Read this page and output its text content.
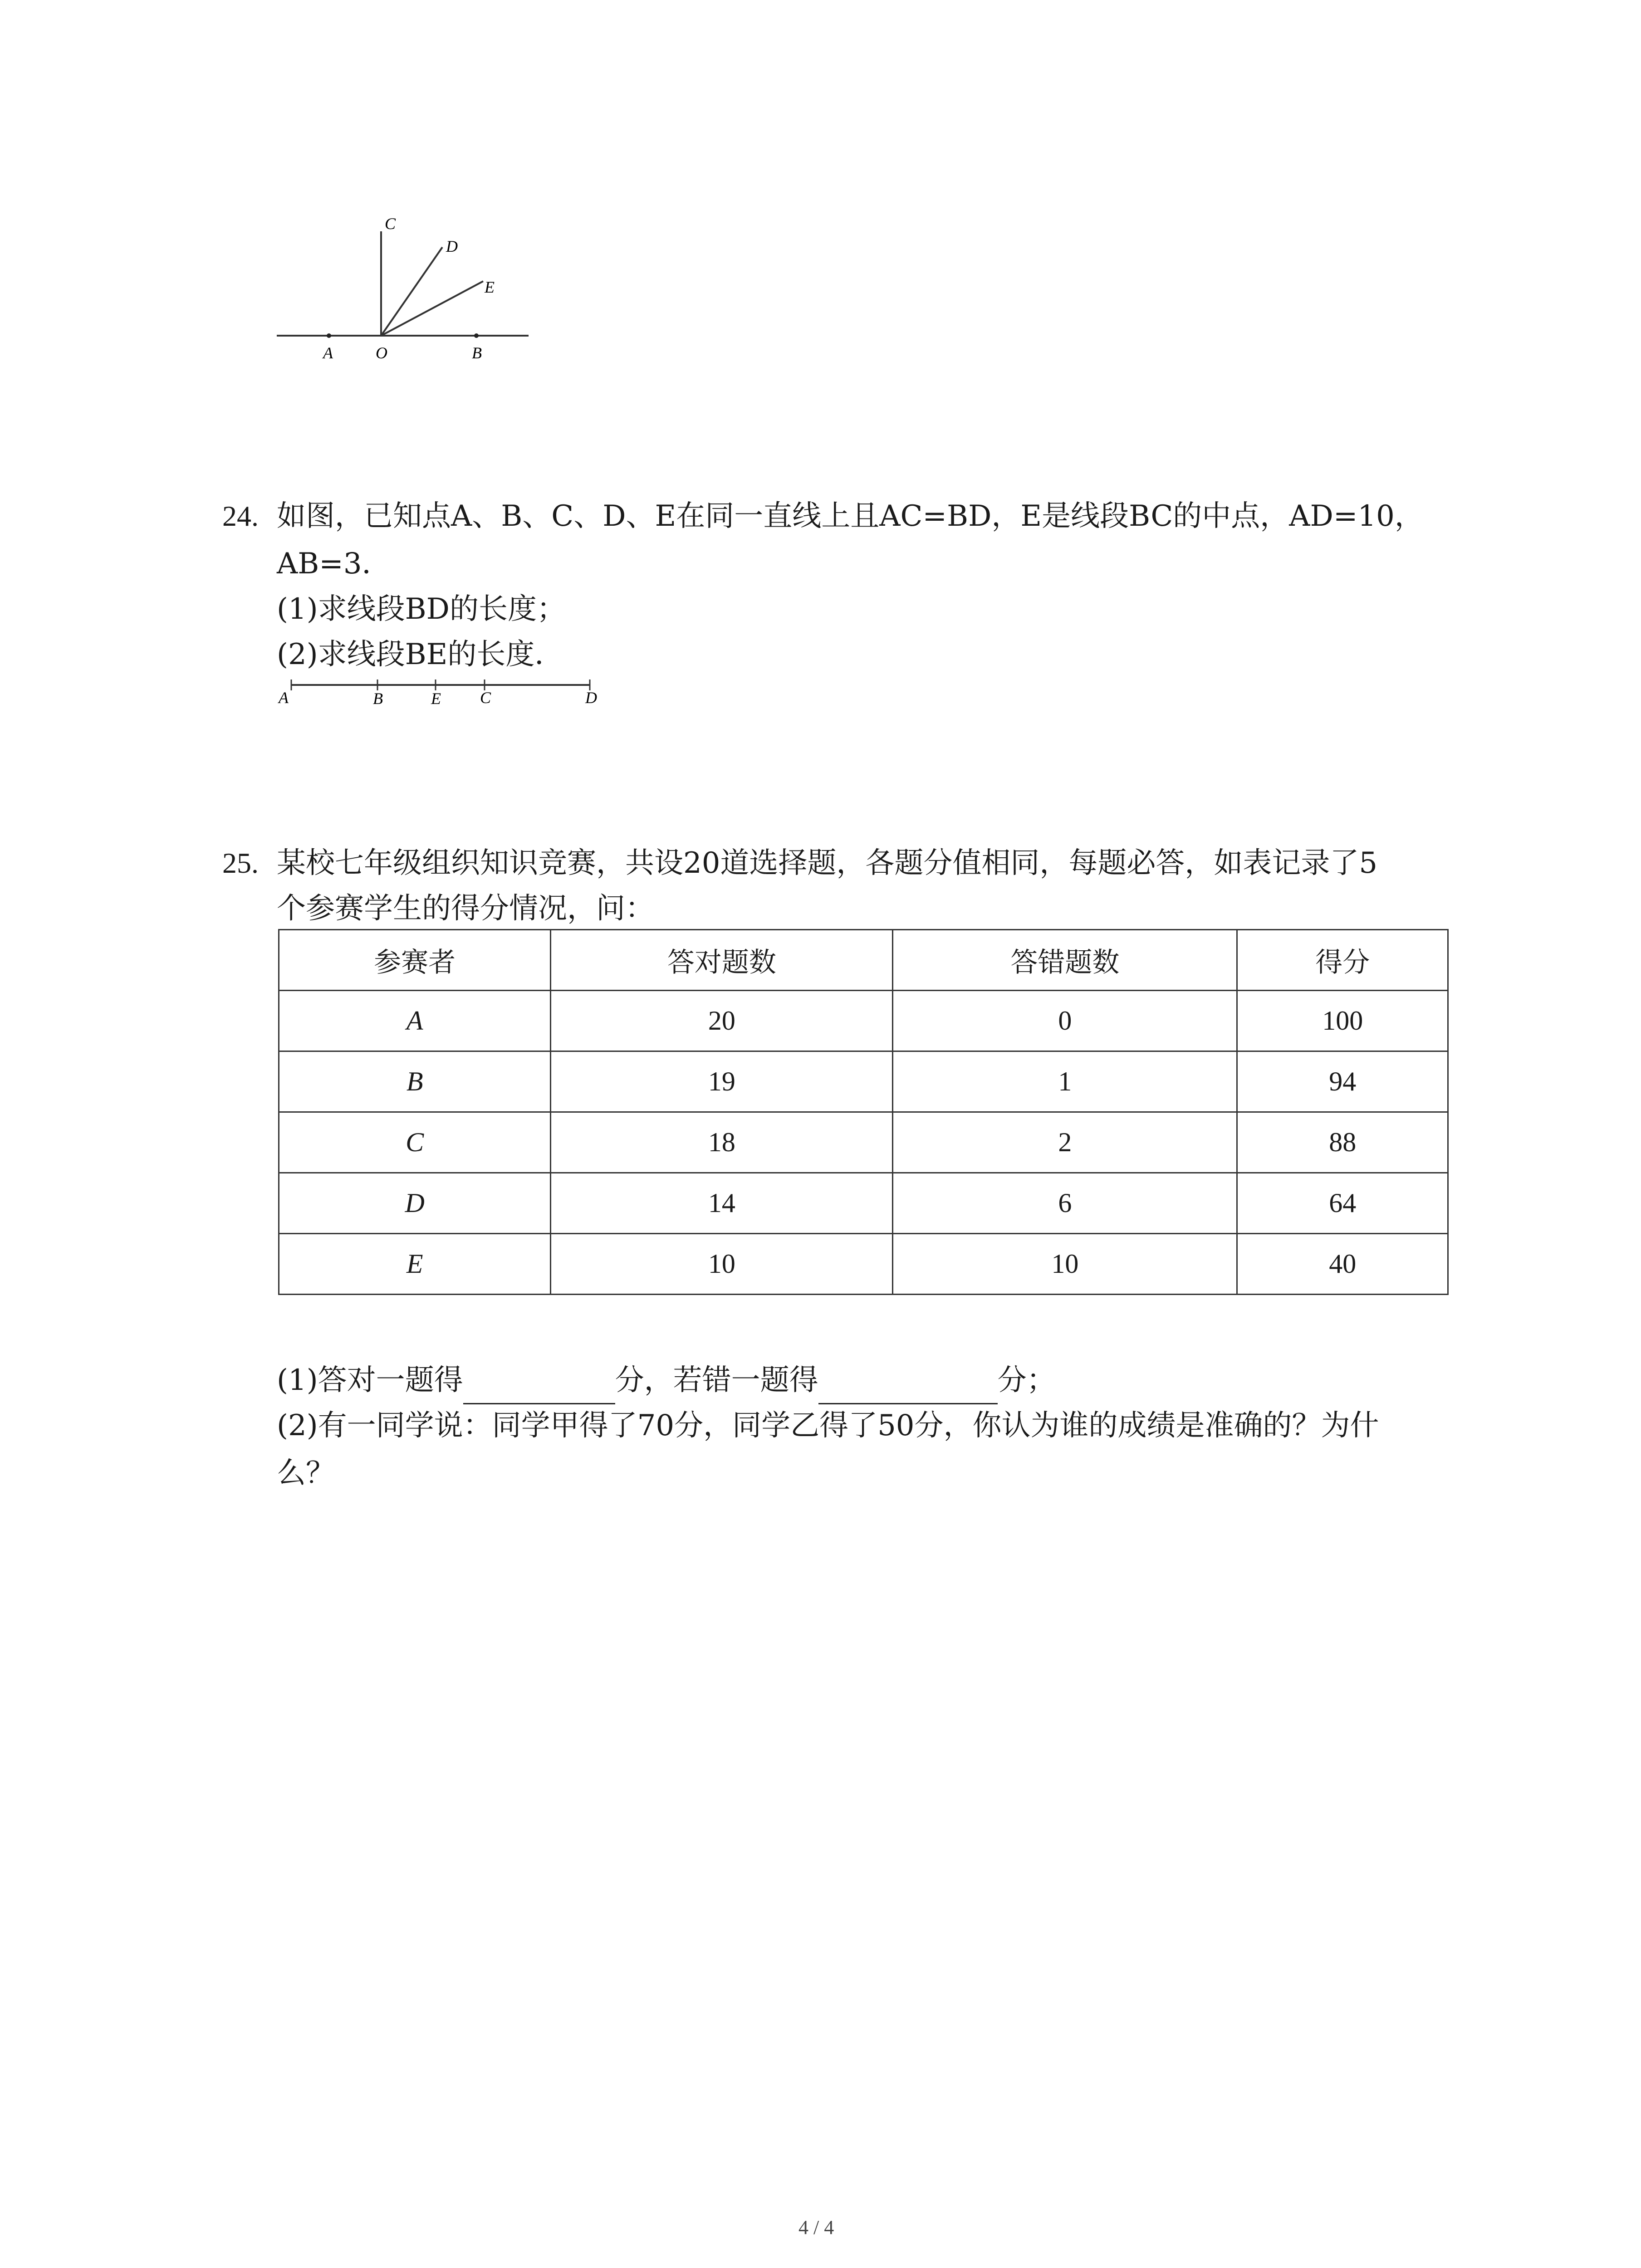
C
D
E
A	O	B
24. 如图，已知点A、B、C、D、E在同一直线上且AC=BD，E是线段BC的中点，AD=10，
AB=3．
(1)求线段BD的长度；
(2)求线段BE的长度．
A	B	E C	D
25. 某校七年级组织知识竞赛，共设20道选择题，各题分值相同，每题必答，如表记录了5
个参赛学生的得分情况，问：
参赛者	答对题数	答错题数	得分
A	20	0	100
B	19	1	94
C	18	2	88
D	14	6	64
E	10	10	40
(1)答对一题得	分，若错一题得	分；
(2)有一同学说：同学甲得了70分，同学乙得了50分，你认为谁的成绩是准确的？为什
么？
4 / 4
